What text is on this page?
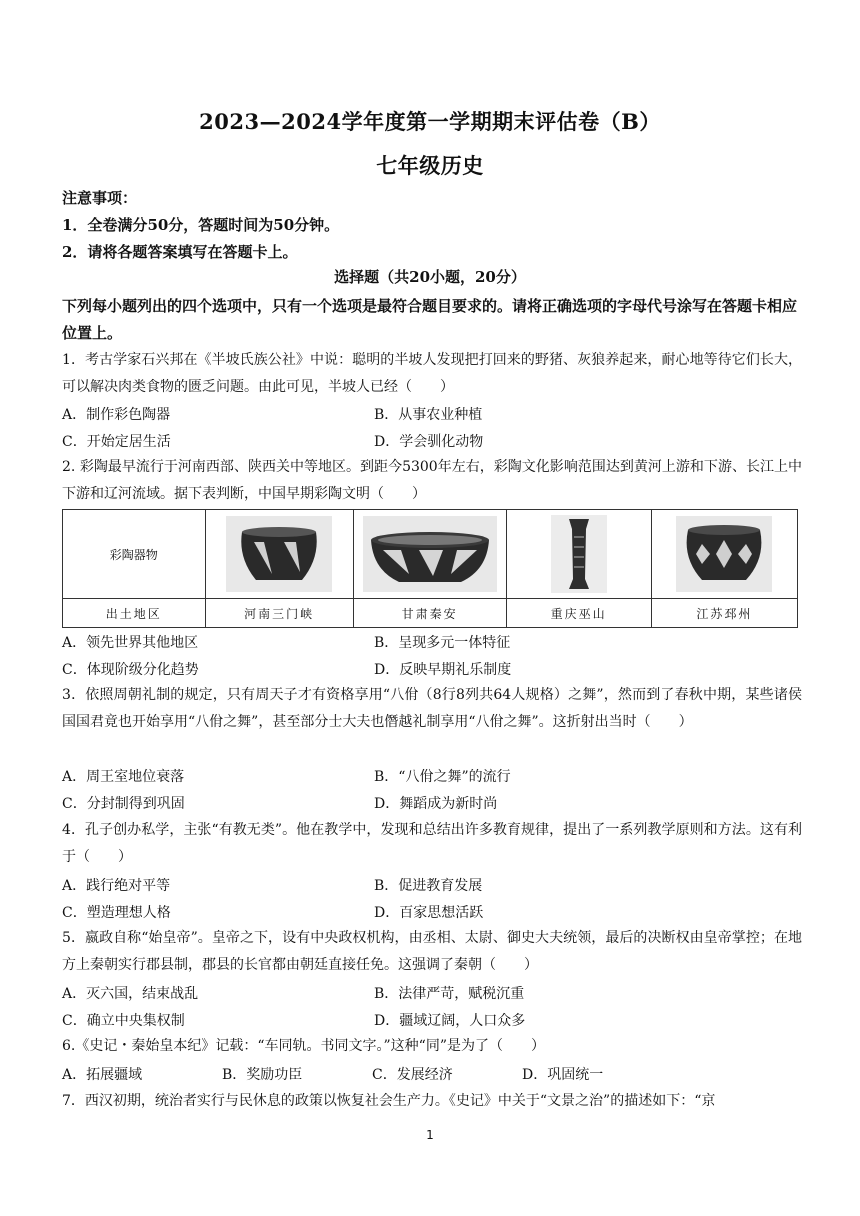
2023—2024学年度第一学期期末评估卷（B）
七年级历史
注意事项：
1．全卷满分50分，答题时间为50分钟。
2．请将各题答案填写在答题卡上。
选择题（共20小题，20分）
下列每小题列出的四个选项中，只有一个选项是最符合题目要求的。请将正确选项的字母代号涂写在答题卡相应位置上。
1．考古学家石兴邦在《半坡氏族公社》中说：聪明的半坡人发现把打回来的野猪、灰狼养起来，耐心地等待它们长大，可以解决肉类食物的匮乏问题。由此可见，半坡人已经（　　）
A．制作彩色陶器	B．从事农业种植
C．开始定居生活	D．学会驯化动物
2. 彩陶最早流行于河南西部、陕西关中等地区。到距今5300年左右，彩陶文化影响范围达到黄河上游和下游、长江上中下游和辽河流域。据下表判断，中国早期彩陶文明（　　）
彩陶器物	

出土地区	河南三门峡	甘肃秦安	重庆巫山	江苏邳州
A．领先世界其他地区	B．呈现多元一体特征
C．体现阶级分化趋势	D．反映早期礼乐制度
3．依照周朝礼制的规定，只有周天子才有资格享用“八佾（8行8列共64人规格）之舞”，然而到了春秋中期，某些诸侯国国君竟也开始享用“八佾之舞”，甚至部分士大夫也僭越礼制享用“八佾之舞”。这折射出当时（　　）
A．周王室地位衰落	B．“八佾之舞”的流行
C．分封制得到巩固	D．舞蹈成为新时尚
4．孔子创办私学，主张“有教无类”。他在教学中，发现和总结出许多教育规律，提出了一系列教学原则和方法。这有利于（　　）
A．践行绝对平等	B．促进教育发展
C．塑造理想人格	D．百家思想活跃
5．嬴政自称“始皇帝”。皇帝之下，设有中央政权机构，由丞相、太尉、御史大夫统领，最后的决断权由皇帝掌控；在地方上秦朝实行郡县制，郡县的长官都由朝廷直接任免。这强调了秦朝（　　）
A．灭六国，结束战乱	B．法律严苛，赋税沉重
C．确立中央集权制	D．疆域辽阔，人口众多
6.《史记・秦始皇本纪》记载：“车同轨。书同文字。”这种“同”是为了（　　）
A．拓展疆域	B．奖励功臣	C．发展经济	D．巩固统一
7．西汉初期，统治者实行与民休息的政策以恢复社会生产力。《史记》中关于“文景之治”的描述如下：“京
1
